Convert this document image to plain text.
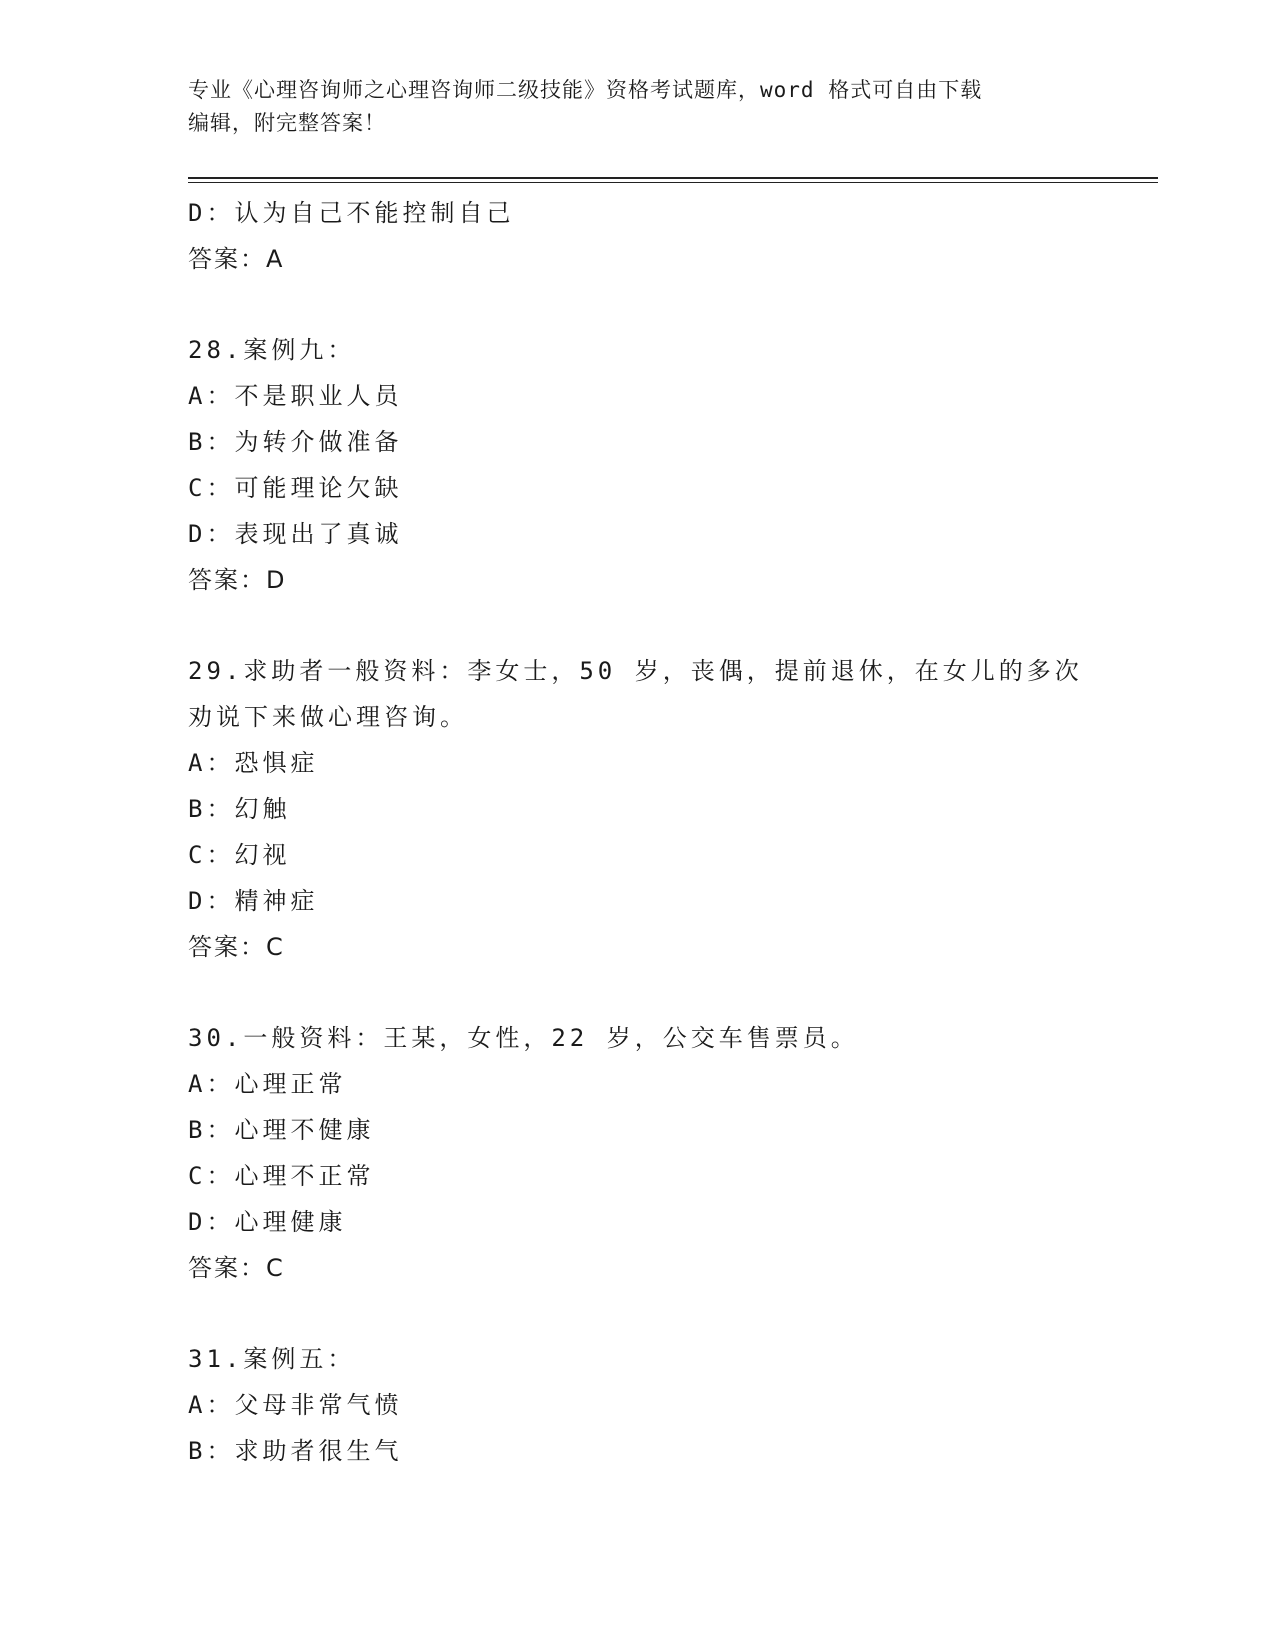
专业《心理咨询师之心理咨询师二级技能》资格考试题库，word 格式可自由下载
编辑，附完整答案！
D：认为自己不能控制自己
答案：A
28.案例九：
A：不是职业人员
B：为转介做准备
C：可能理论欠缺
D：表现出了真诚
答案：D
29.求助者一般资料：李女士，50 岁，丧偶，提前退休，在女儿的多次
劝说下来做心理咨询。
A：恐惧症
B：幻触
C：幻视
D：精神症
答案：C
30.一般资料：王某，女性，22 岁，公交车售票员。
A：心理正常
B：心理不健康
C：心理不正常
D：心理健康
答案：C
31.案例五：
A：父母非常气愤
B：求助者很生气
